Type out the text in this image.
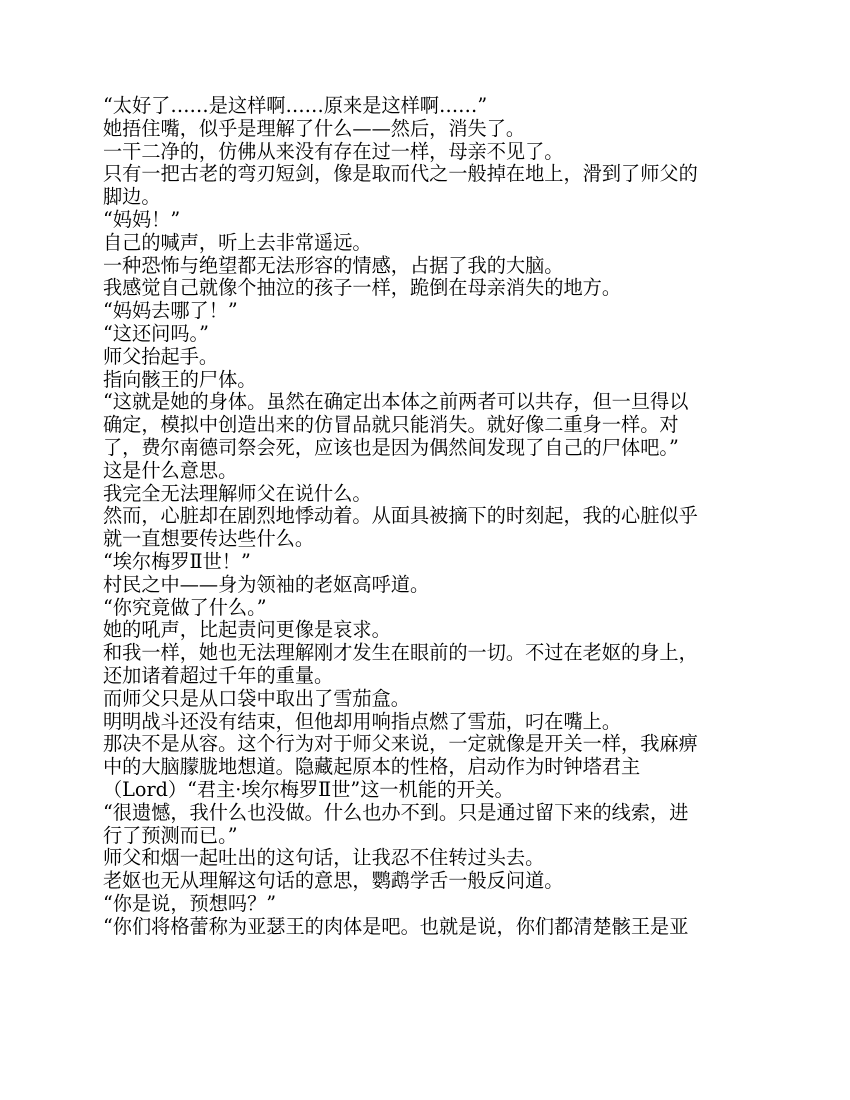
“太好了……是这样啊……原来是这样啊……”

她捂住嘴，似乎是理解了什么——然后，消失了。

一干二净的，仿佛从来没有存在过一样，母亲不见了。

只有一把古老的弯刃短剑，像是取而代之一般掉在地上，滑到了师父的
脚边。

“妈妈！”

自己的喊声，听上去非常遥远。

一种恐怖与绝望都无法形容的情感，占据了我的大脑。

我感觉自己就像个抽泣的孩子一样，跪倒在母亲消失的地方。

“妈妈去哪了！”

“这还问吗。”

师父抬起手。

指向骸王的尸体。

“这就是她的身体。虽然在确定出本体之前两者可以共存，但一旦得以
确定，模拟中创造出来的仿冒品就只能消失。就好像二重身一样。对
了，费尔南德司祭会死，应该也是因为偶然间发现了自己的尸体吧。”

这是什么意思。

我完全无法理解师父在说什么。

然而，心脏却在剧烈地悸动着。从面具被摘下的时刻起，我的心脏似乎
就一直想要传达些什么。

“埃尔梅罗Ⅱ世！”

村民之中——身为领袖的老妪高呼道。

“你究竟做了什么。”

她的吼声，比起责问更像是哀求。

和我一样，她也无法理解刚才发生在眼前的一切。不过在老妪的身上，
还加诸着超过千年的重量。

而师父只是从口袋中取出了雪茄盒。

明明战斗还没有结束，但他却用响指点燃了雪茄，叼在嘴上。

那决不是从容。这个行为对于师父来说，一定就像是开关一样，我麻痹
中的大脑朦胧地想道。隐藏起原本的性格，启动作为时钟塔君主
（Lord）“君主·埃尔梅罗Ⅱ世”这一机能的开关。

“很遗憾，我什么也没做。什么也办不到。只是通过留下来的线索，进
行了预测而已。”

师父和烟一起吐出的这句话，让我忍不住转过头去。

老妪也无从理解这句话的意思，鹦鹉学舌一般反问道。

“你是说，预想吗？”

“你们将格蕾称为亚瑟王的肉体是吧。也就是说，你们都清楚骸王是亚
